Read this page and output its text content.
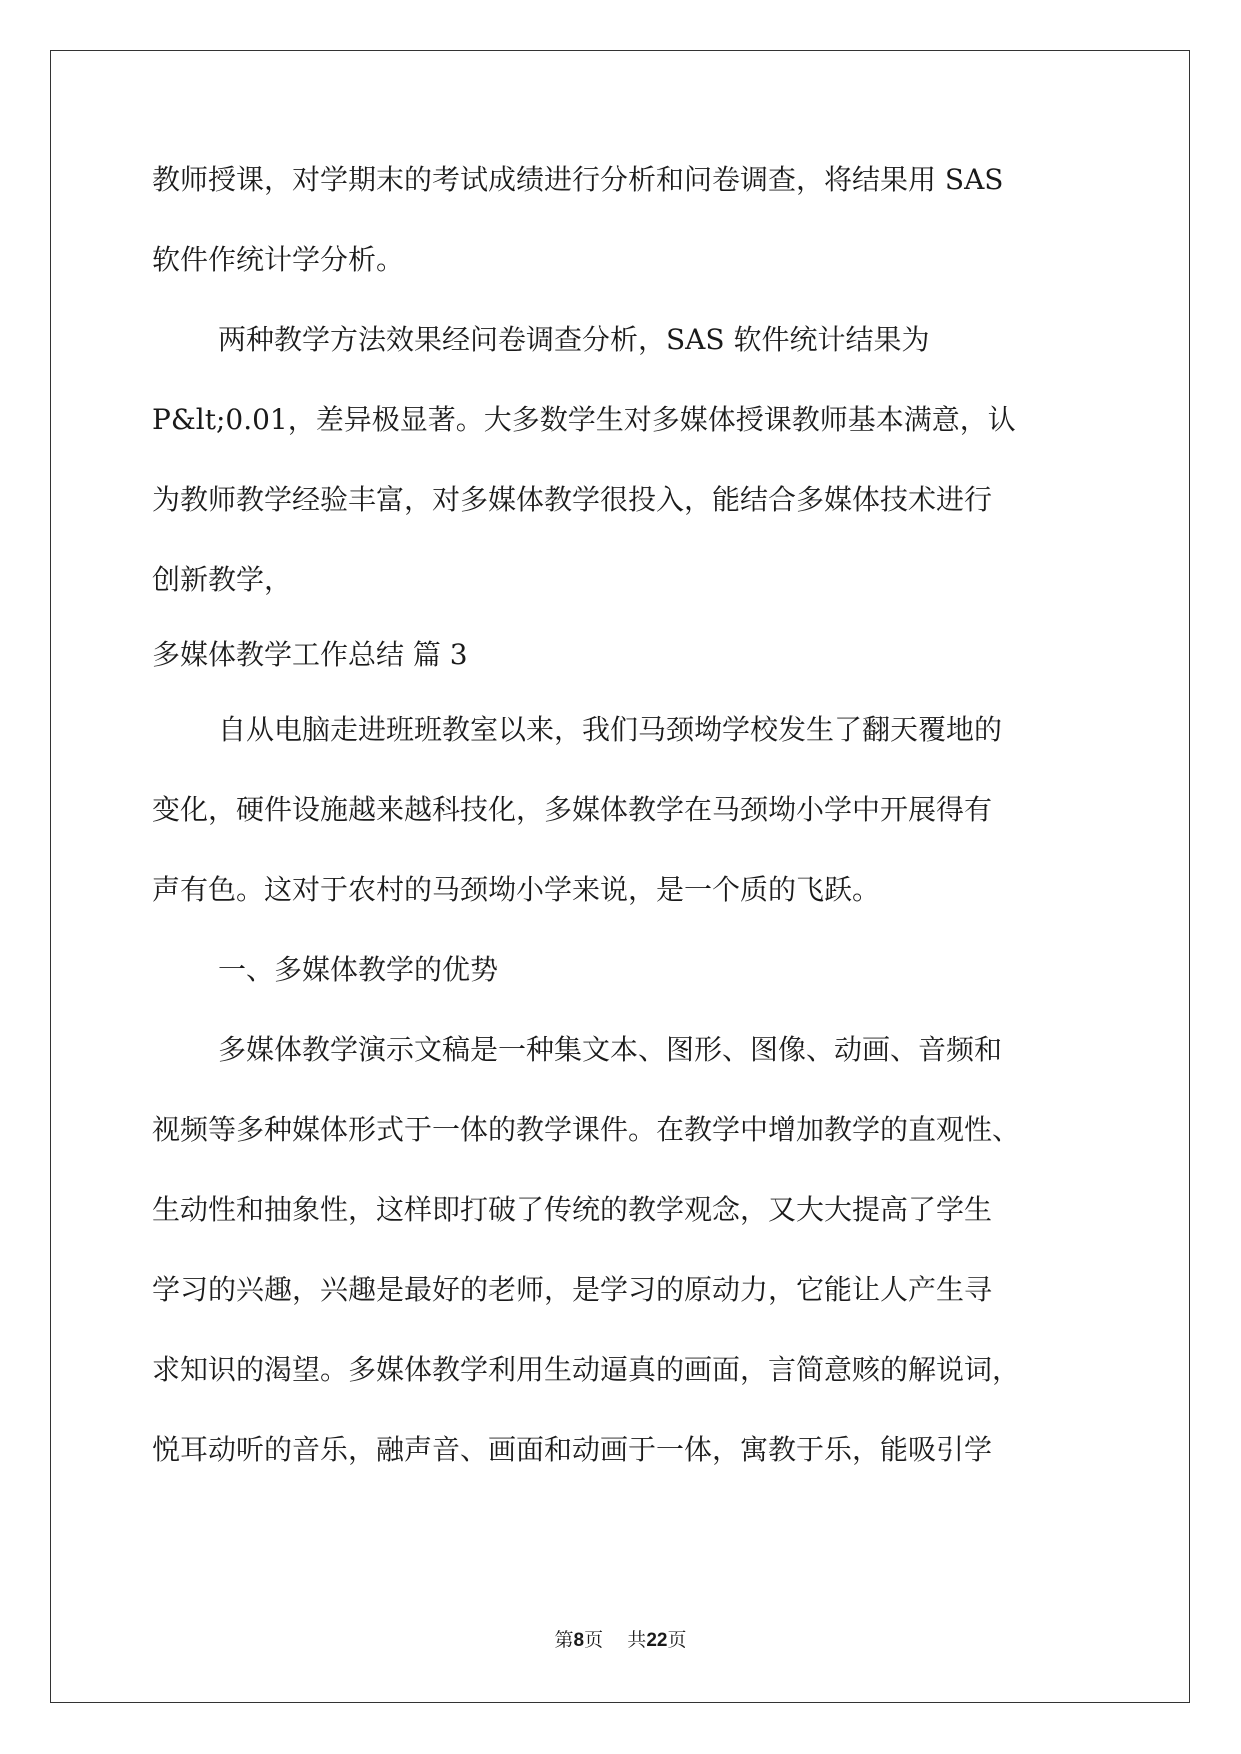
教师授课，对学期末的考试成绩进行分析和问卷调查，将结果用 SAS
软件作统计学分析。
两种教学方法效果经问卷调查分析，SAS 软件统计结果为
P&lt;0.01，差异极显著。大多数学生对多媒体授课教师基本满意，认
为教师教学经验丰富，对多媒体教学很投入，能结合多媒体技术进行
创新教学，
多媒体教学工作总结 篇 3
自从电脑走进班班教室以来，我们马颈坳学校发生了翻天覆地的
变化，硬件设施越来越科技化，多媒体教学在马颈坳小学中开展得有
声有色。这对于农村的马颈坳小学来说，是一个质的飞跃。
一、多媒体教学的优势
多媒体教学演示文稿是一种集文本、图形、图像、动画、音频和
视频等多种媒体形式于一体的教学课件。在教学中增加教学的直观性、
生动性和抽象性，这样即打破了传统的教学观念，又大大提高了学生
学习的兴趣，兴趣是最好的老师，是学习的原动力，它能让人产生寻
求知识的渴望。多媒体教学利用生动逼真的画面，言简意赅的解说词，
悦耳动听的音乐，融声音、画面和动画于一体，寓教于乐，能吸引学
第8页 共22页
